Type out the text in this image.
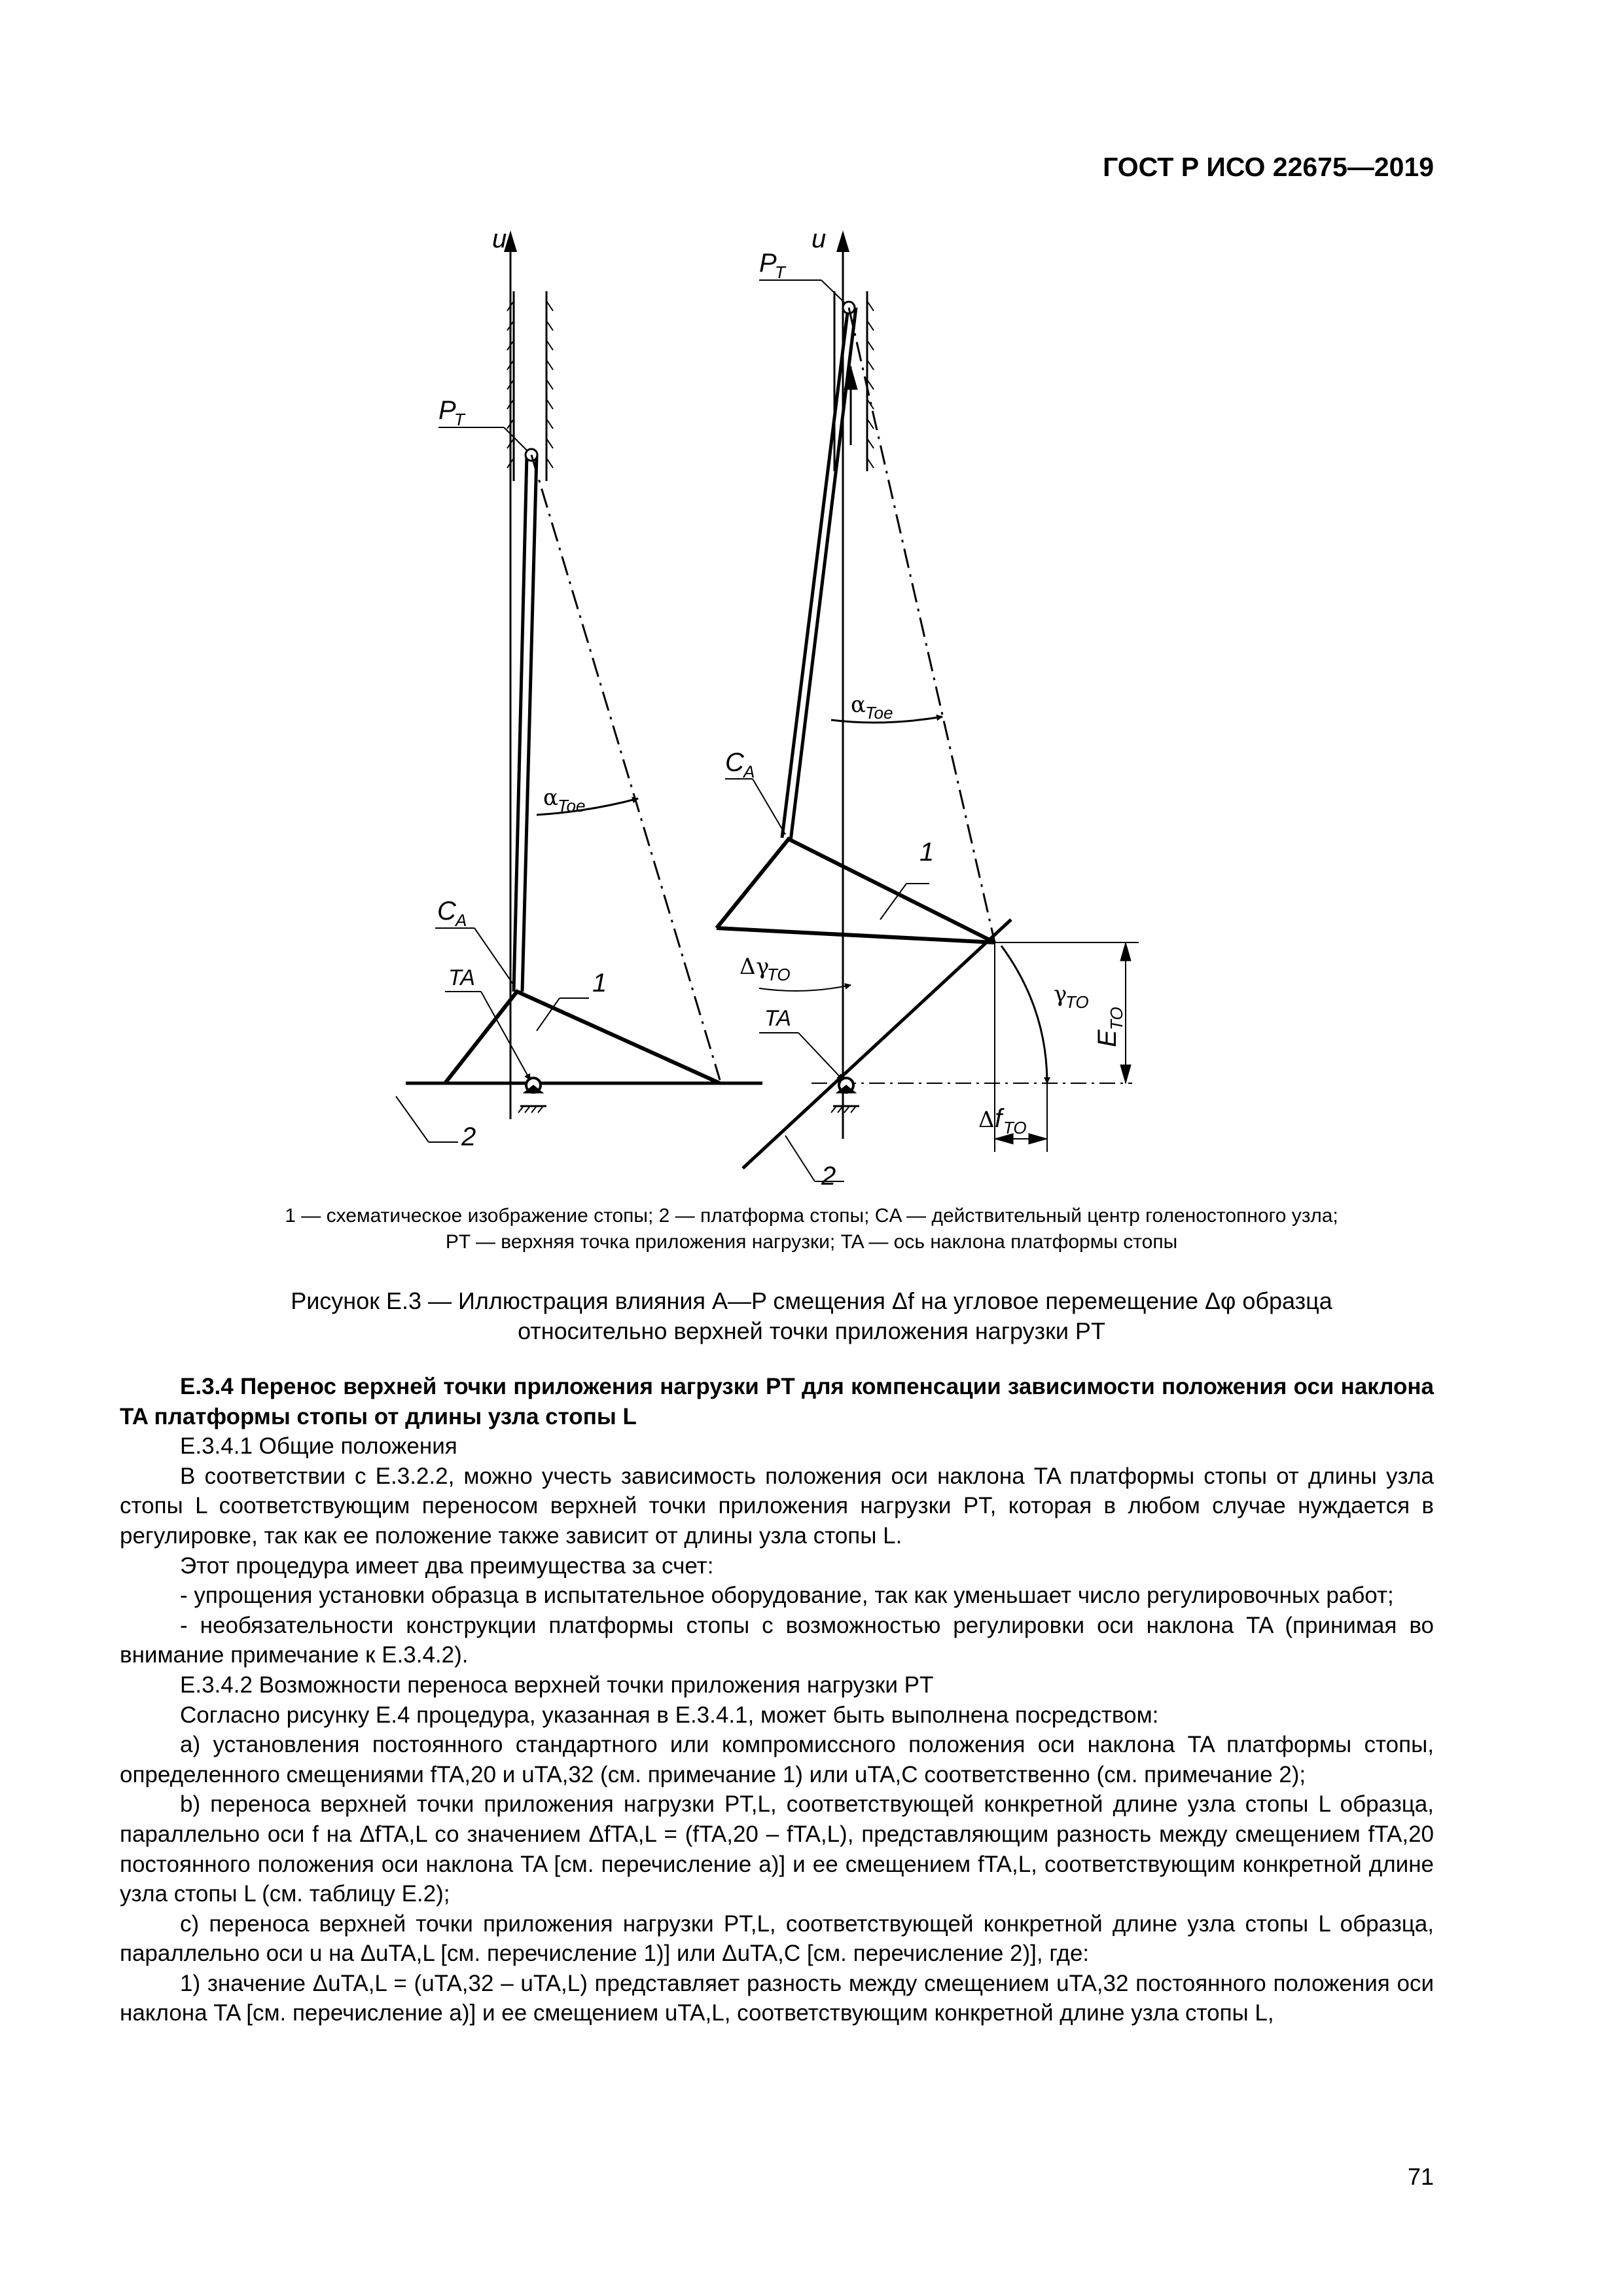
ГОСТ Р ИСО 22675—2019
u
P
T
α Toe
C A
TA	1
2
u
P
T
α Toe
C A
1
Δ γ
TO
TA
γ
TO
E
TO
Δ f TO
2
1 — схематическое изображение стопы; 2 — платформа стопы; CA — действительный центр голеностопного узла;
PT — верхняя точка приложения нагрузки; TA — ось наклона платформы стопы
Рисунок Е.3 — Иллюстрация влияния A—P смещения Δf на угловое перемещение Δφ образца
относительно верхней точки приложения нагрузки PT

Е.3.4 Перенос верхней точки приложения нагрузки PT для компенсации зависимости положения оси наклона TA платформы стопы от длины узла стопы L

Е.3.4.1 Общие положения

В соответствии с Е.3.2.2, можно учесть зависимость положения оси наклона TA платформы стопы от длины узла стопы L соответствующим переносом верхней точки приложения нагрузки PT, которая в любом случае нуждается в регулировке, так как ее положение также зависит от длины узла стопы L.

Этот процедура имеет два преимущества за счет:

- упрощения установки образца в испытательное оборудование, так как уменьшает число регулировочных работ;

- необязательности конструкции платформы стопы с возможностью регулировки оси наклона TA (принимая во внимание примечание к Е.3.4.2).

Е.3.4.2 Возможности переноса верхней точки приложения нагрузки PT

Согласно рисунку Е.4 процедура, указанная в Е.3.4.1, может быть выполнена посредством:

a) установления постоянного стандартного или компромиссного положения оси наклона TA платформы стопы, определенного смещениями fTA,20 и uTA,32 (см. примечание 1) или uTA,C соответственно (см. примечание 2);

b) переноса верхней точки приложения нагрузки PT,L, соответствующей конкретной длине узла стопы L образца, параллельно оси f на ΔfTA,L со значением ΔfTA,L = (fTA,20 – fTA,L), представляющим разность между смещением fTA,20 постоянного положения оси наклона TA [см. перечисление a)] и ее смещением fTA,L, соответствующим конкретной длине узла стопы L (см. таблицу Е.2);

c) переноса верхней точки приложения нагрузки PT,L, соответствующей конкретной длине узла стопы L образца, параллельно оси u на ΔuTA,L [см. перечисление 1)] или ΔuTA,C [см. перечисление 2)], где:

1) значение ΔuTA,L = (uTA,32 – uTA,L) представляет разность между смещением uTA,32 постоянного положения оси наклона TA [см. перечисление a)] и ее смещением uTA,L, соответствующим конкретной длине узла стопы L,

71
